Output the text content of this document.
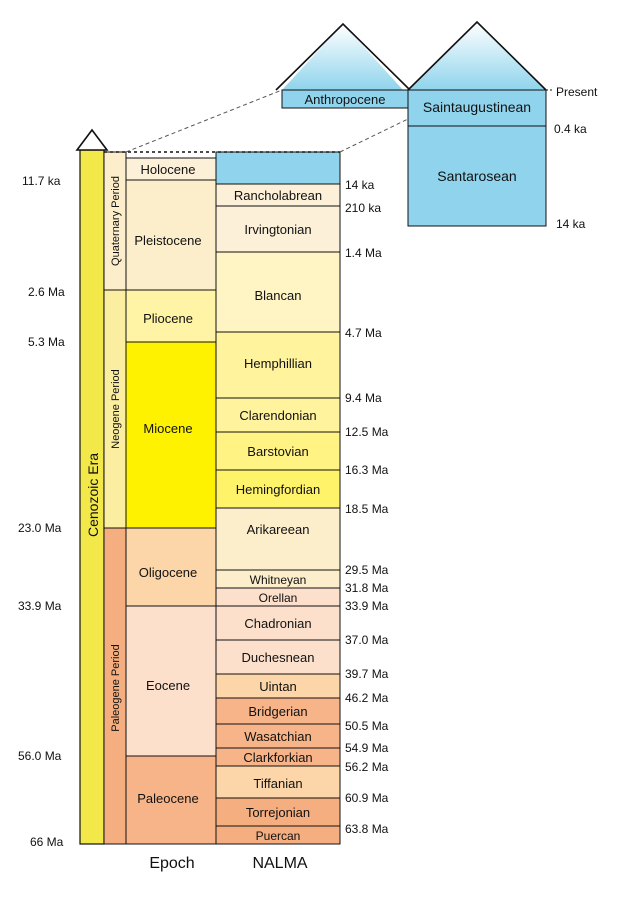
11.7 ka
2.6 Ma
5.3 Ma
23.0 Ma
33.9 Ma
56.0 Ma
66 Ma
Cenozoic Era
Quaternary Period
Neogene Period
Paleogene Period
Holocene
Pleistocene
Pliocene
Miocene
Oligocene
Eocene
Paleocene
Rancholabrean
Irvingtonian
Blancan
Hemphillian
Clarendonian
Barstovian
Hemingfordian
Arikareean
Whitneyan
Orellan
Chadronian
Duchesnean
Uintan
Bridgerian
Wasatchian
Clarkforkian
Tiffanian
Torrejonian
Puercan
14 ka
210 ka
1.4 Ma
4.7 Ma
9.4 Ma
12.5 Ma
16.3 Ma
18.5 Ma
29.5 Ma
31.8 Ma
33.9 Ma
37.0 Ma
39.7 Ma
46.2 Ma
50.5 Ma
54.9 Ma
56.2 Ma
60.9 Ma
63.8 Ma
Anthropocene	Saintaugustinean
Santarosean
Present
0.4 ka
14 ka
Epoch	NALMA
